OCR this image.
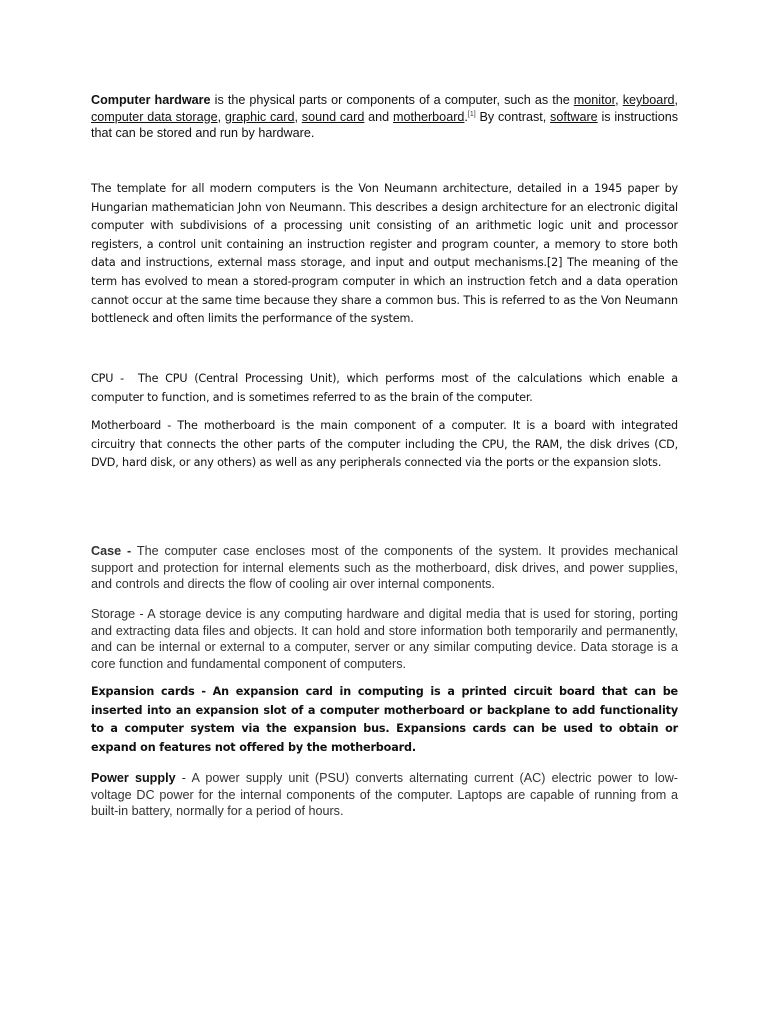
Computer hardware is the physical parts or components of a computer, such as the monitor, keyboard, computer data storage, graphic card, sound card and motherboard.[1] By contrast, software is instructions that can be stored and run by hardware.

The template for all modern computers is the Von Neumann architecture, detailed in a 1945 paper by Hungarian mathematician John von Neumann. This describes a design architecture for an electronic digital computer with subdivisions of a processing unit consisting of an arithmetic logic unit and processor registers, a control unit containing an instruction register and program counter, a memory to store both data and instructions, external mass storage, and input and output mechanisms.[2] The meaning of the term has evolved to mean a stored-program computer in which an instruction fetch and a data operation cannot occur at the same time because they share a common bus. This is referred to as the Von Neumann bottleneck and often limits the performance of the system.

CPU - The CPU (Central Processing Unit), which performs most of the calculations which enable a computer to function, and is sometimes referred to as the brain of the computer.

Motherboard - The motherboard is the main component of a computer. It is a board with integrated circuitry that connects the other parts of the computer including the CPU, the RAM, the disk drives (CD, DVD, hard disk, or any others) as well as any peripherals connected via the ports or the expansion slots.

Case - The computer case encloses most of the components of the system. It provides mechanical support and protection for internal elements such as the motherboard, disk drives, and power supplies, and controls and directs the flow of cooling air over internal components.

Storage - A storage device is any computing hardware and digital media that is used for storing, porting and extracting data files and objects. It can hold and store information both temporarily and permanently, and can be internal or external to a computer, server or any similar computing device. Data storage is a core function and fundamental component of computers.

Expansion cards - An expansion card in computing is a printed circuit board that can be inserted into an expansion slot of a computer motherboard or backplane to add functionality to a computer system via the expansion bus. Expansions cards can be used to obtain or expand on features not offered by the motherboard.

Power supply - A power supply unit (PSU) converts alternating current (AC) electric power to low-voltage DC power for the internal components of the computer. Laptops are capable of running from a built-in battery, normally for a period of hours.
